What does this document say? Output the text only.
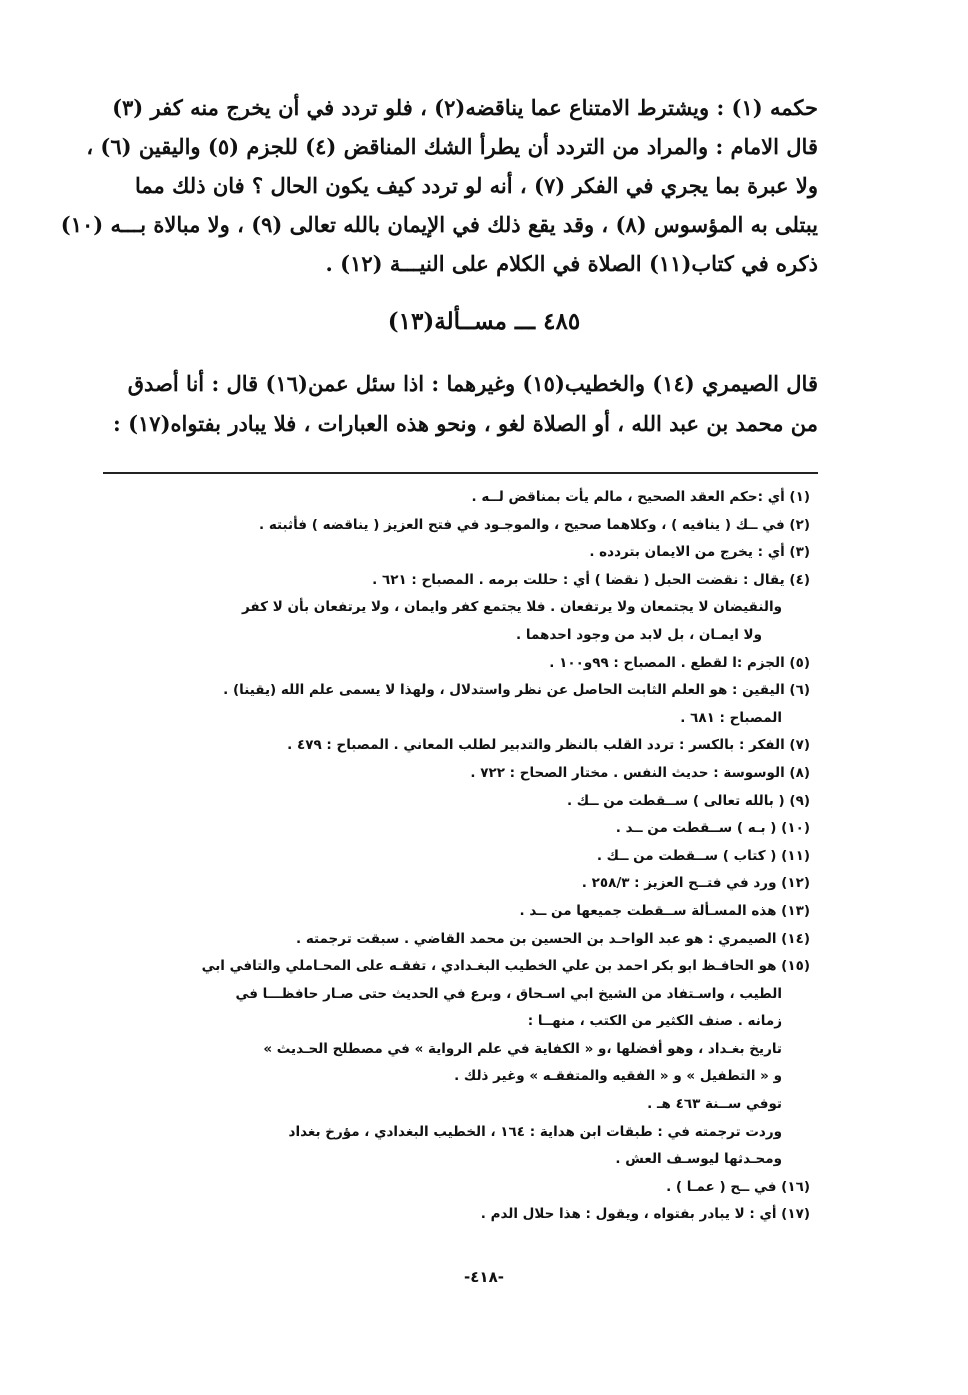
حكمه (١) : ويشترط الامتناع عما يناقضه(٢) ، فلو تردد في أن يخرج منه كفر (٣)
قال الامام : والمراد من التردد أن يطرأ الشك المناقض (٤) للجزم (٥) واليقين (٦) ،
ولا عبرة بما يجري في الفكر (٧) ، أنه لو تردد كيف يكون الحال ؟ فان ذلك مما
يبتلى به المؤسوس (٨) ، وقد يقع ذلك في الإيمان بالله تعالى (٩) ، ولا مبالاة بـــه (١٠)
ذكره في كتاب(١١) الصلاة في الكلام على النيـــة (١٢) .
٤٨٥ ـــ مســألة(١٣)
قال الصيمري (١٤) والخطيب(١٥) وغيرهما : اذا سئل عمن(١٦) قال : أنا أصدق
من محمد بن عبد الله ، أو الصلاة لغو ، ونحو هذه العبارات ، فلا يبادر بفتواه(١٧) :
(١) أي :حكم العقد الصحيح ، مالم يأت بمناقض لــه .
(٢) في ــك ( ينافيه ) ، وكلاهما صحيح ، والموجـود في فتح العزيز ( يناقضه ) فأثبته .
(٣) أي : يخرج من الايمان بتردده .
(٤) يقال : نقضت الحبل ( نقضا ) أي : حللت برمه . المصباح : ٦٢١ .
والنقيضان لا يجتمعان ولا يرتفعان . فلا يجتمع كفر وايمان ، ولا يرتفعان بأن لا كفر
ولا ايمـان ، بل لابد من وجود احدهما .
(٥) الجزم :ا لقطع . المصباح : ٩٩و١٠٠ .
(٦) اليقين : هو العلم الثابت الحاصل عن نظر واستدلال ، ولهذا لا يسمى علم الله (يقينا) .
المصباح : ٦٨١ .
(٧) الفكر : بالكسر : تردد القلب بالنظر والتدبير لطلب المعاني . المصباح : ٤٧٩ .
(٨) الوسوسة : حديث النفس . مختار الصحاح : ٧٢٢ .
(٩) ( بالله تعالى ) ســقطت من ــك .
(١٠) ( بـه ) ســقطت من ــد .
(١١) ( كتاب ) ســقطت من ــك .
(١٢) ورد في فتــح العزيز : ٢٥٨/٣ .
(١٣) هذه المسـألة ســقطت جميعها من ــد .
(١٤) الصيمري : هو عبد الواحـد بن الحسين بن محمد القاضي . سبقت ترجمته .
(١٥) هو الحافـظ ابو بكر احمد بن علي الخطيب البغـدادي ، تفقـه على المحـاملي والتافي ابي
الطيب ، واسـتفاد من الشيخ ابي اسـحاق ، وبرع في الحديث حتى صـار حافظـــا في
زمانه . صنف الكثير من الكتب ، منهــا :
تاريخ بغـداد ، وهو أفضلها ،و « الكفاية في علم الرواية » في مصطلح الحـديث »
و « التطفيل » و « الفقيه والمتفقـه » وغير ذلك .
توفي ســنة ٤٦٣ هـ .
وردت ترجمته في : طبقات ابن هداية : ١٦٤ ، الخطيب البغدادي ، مؤرخ بغداد
ومحـدثها ليوسـف العش .
(١٦) في ــح ( عمـا ) .
(١٧) أي : لا يبادر بفتواه ، ويقول : هذا حلال الدم .
-٤١٨-
